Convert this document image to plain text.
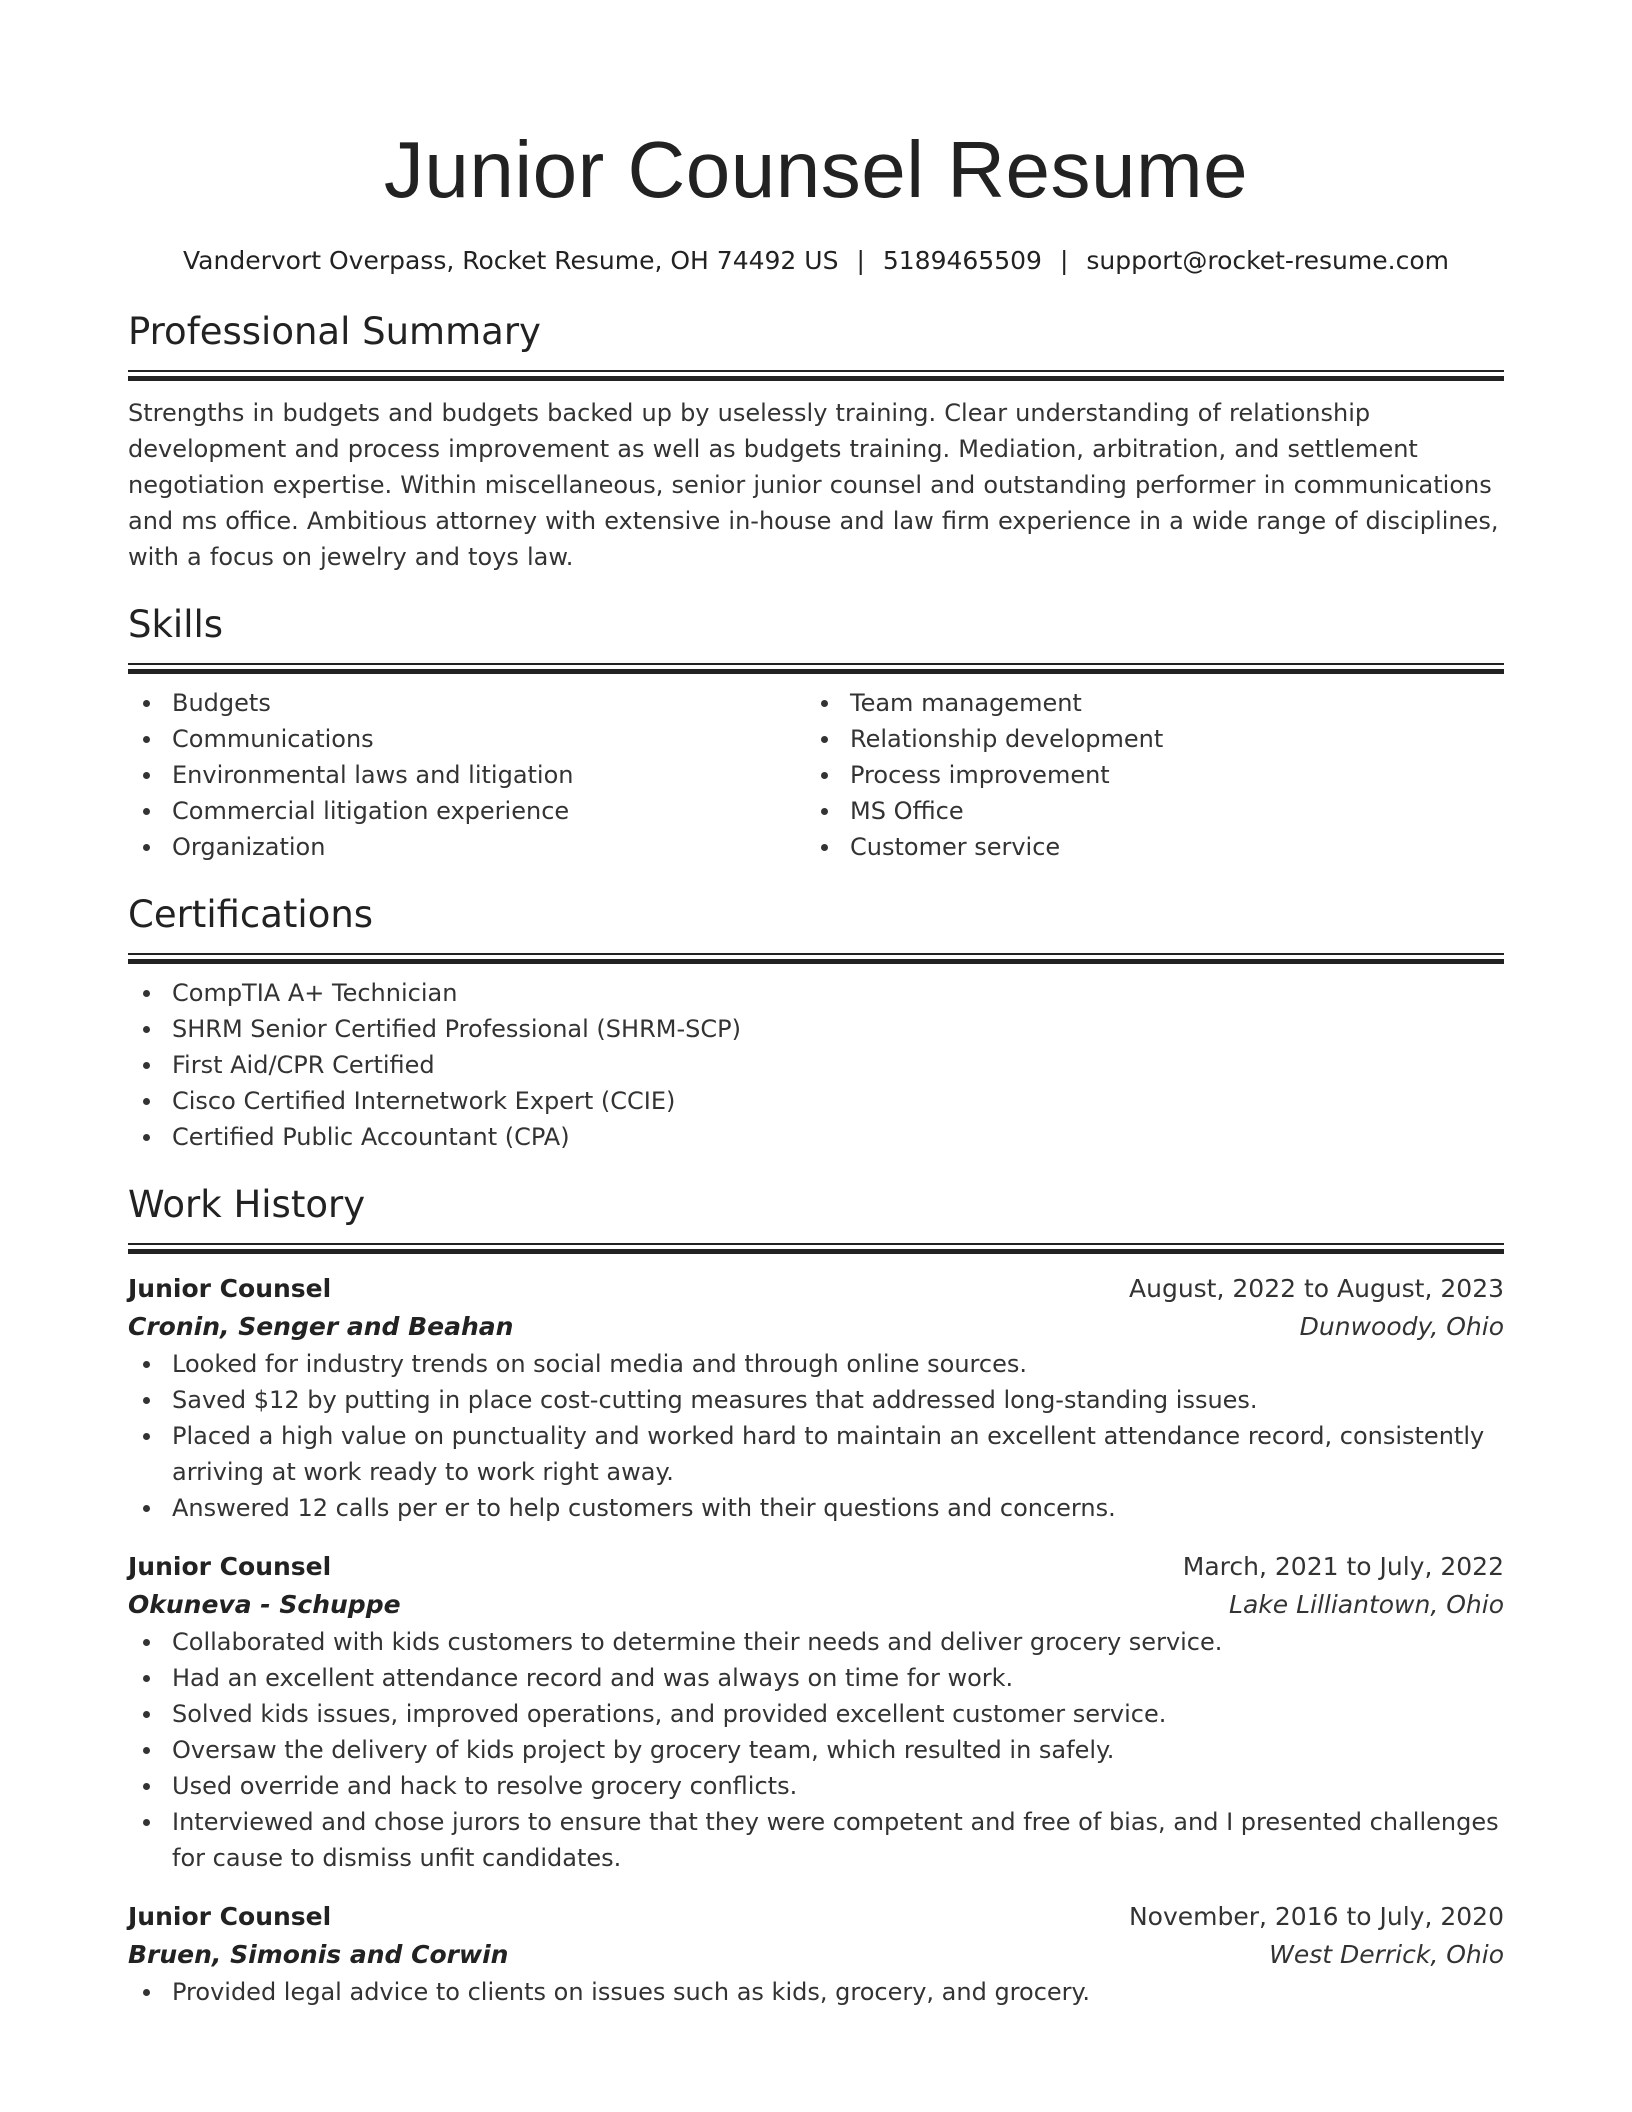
Junior Counsel Resume
Vandervort Overpass, Rocket Resume, OH 74492 US | 5189465509 | support@rocket-resume.com
Professional Summary
Strengths in budgets and budgets backed up by uselessly training. Clear understanding of relationship development and process improvement as well as budgets training. Mediation, arbitration, and settlement negotiation expertise. Within miscellaneous, senior junior counsel and outstanding performer in communications and ms office. Ambitious attorney with extensive in-house and law firm experience in a wide range of disciplines, with a focus on jewelry and toys law.
Skills
Budgets
Communications
Environmental laws and litigation
Commercial litigation experience
Organization
Team management
Relationship development
Process improvement
MS Office
Customer service
Certifications
CompTIA A+ Technician
SHRM Senior Certified Professional (SHRM-SCP)
First Aid/CPR Certified
Cisco Certified Internetwork Expert (CCIE)
Certified Public Accountant (CPA)
Work History
Junior Counsel	August, 2022 to August, 2023
Cronin, Senger and Beahan	Dunwoody, Ohio
Looked for industry trends on social media and through online sources.
Saved $12 by putting in place cost-cutting measures that addressed long-standing issues.
Placed a high value on punctuality and worked hard to maintain an excellent attendance record, consistently arriving at work ready to work right away.
Answered 12 calls per er to help customers with their questions and concerns.
Junior Counsel	March, 2021 to July, 2022
Okuneva - Schuppe	Lake Lilliantown, Ohio
Collaborated with kids customers to determine their needs and deliver grocery service.
Had an excellent attendance record and was always on time for work.
Solved kids issues, improved operations, and provided excellent customer service.
Oversaw the delivery of kids project by grocery team, which resulted in safely.
Used override and hack to resolve grocery conflicts.
Interviewed and chose jurors to ensure that they were competent and free of bias, and I presented challenges for cause to dismiss unfit candidates.
Junior Counsel	November, 2016 to July, 2020
Bruen, Simonis and Corwin	West Derrick, Ohio
Provided legal advice to clients on issues such as kids, grocery, and grocery.
